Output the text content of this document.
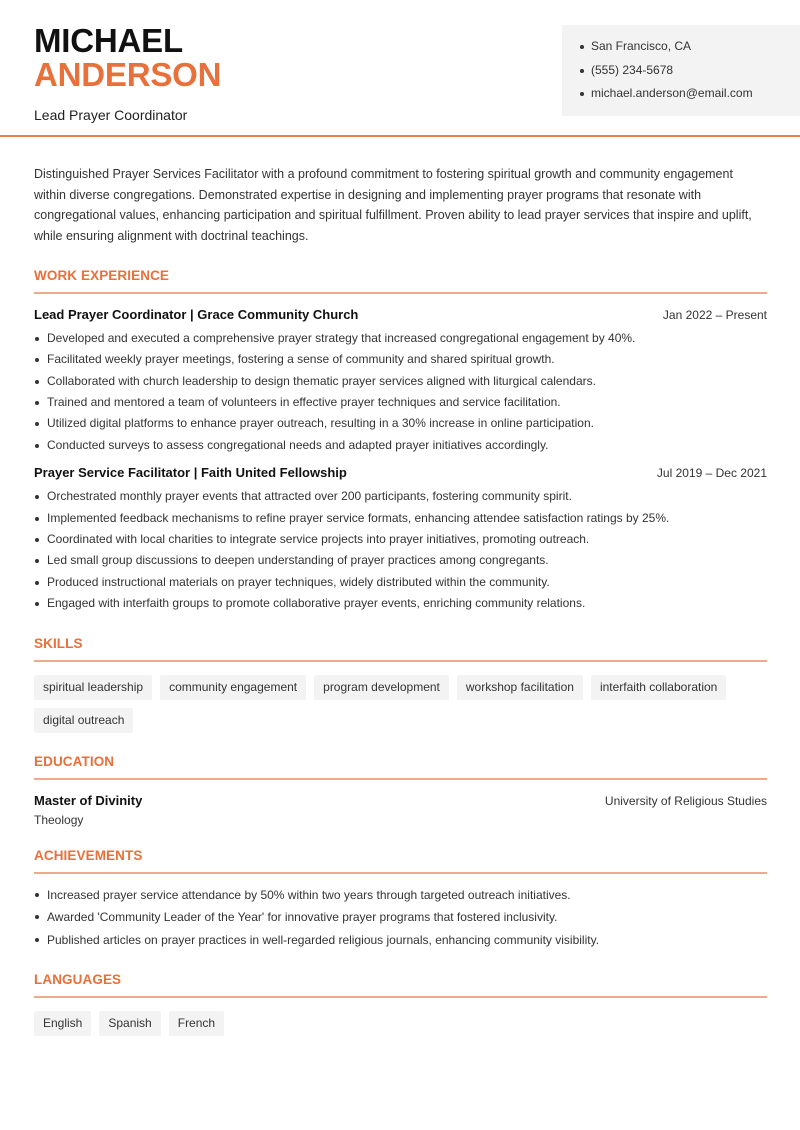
MICHAEL
ANDERSON
Lead Prayer Coordinator
San Francisco, CA
(555) 234-5678
michael.anderson@email.com

Distinguished Prayer Services Facilitator with a profound commitment to fostering spiritual growth and community engagement within diverse congregations. Demonstrated expertise in designing and implementing prayer programs that resonate with congregational values, enhancing participation and spiritual fulfillment. Proven ability to lead prayer services that inspire and uplift, while ensuring alignment with doctrinal teachings.

WORK EXPERIENCE
Lead Prayer Coordinator | Grace Community Church	Jan 2022 – Present
Developed and executed a comprehensive prayer strategy that increased congregational engagement by 40%.
Facilitated weekly prayer meetings, fostering a sense of community and shared spiritual growth.
Collaborated with church leadership to design thematic prayer services aligned with liturgical calendars.
Trained and mentored a team of volunteers in effective prayer techniques and service facilitation.
Utilized digital platforms to enhance prayer outreach, resulting in a 30% increase in online participation.
Conducted surveys to assess congregational needs and adapted prayer initiatives accordingly.
Prayer Service Facilitator | Faith United Fellowship	Jul 2019 – Dec 2021
Orchestrated monthly prayer events that attracted over 200 participants, fostering community spirit.
Implemented feedback mechanisms to refine prayer service formats, enhancing attendee satisfaction ratings by 25%.
Coordinated with local charities to integrate service projects into prayer initiatives, promoting outreach.
Led small group discussions to deepen understanding of prayer practices among congregants.
Produced instructional materials on prayer techniques, widely distributed within the community.
Engaged with interfaith groups to promote collaborative prayer events, enriching community relations.
SKILLS
spiritual leadership	community engagement	program development	workshop facilitation	interfaith collaboration
digital outreach
EDUCATION
Master of Divinity	University of Religious Studies
Theology
ACHIEVEMENTS
Increased prayer service attendance by 50% within two years through targeted outreach initiatives.
Awarded 'Community Leader of the Year' for innovative prayer programs that fostered inclusivity.
Published articles on prayer practices in well-regarded religious journals, enhancing community visibility.
LANGUAGES
English	Spanish	French
